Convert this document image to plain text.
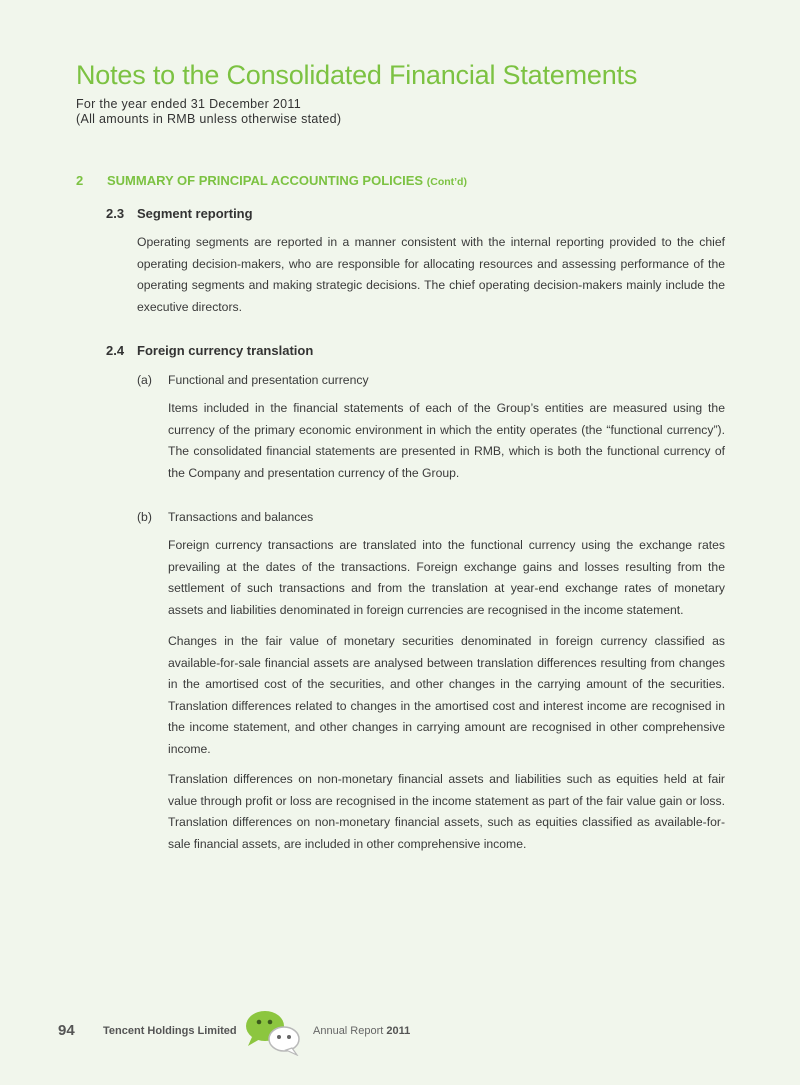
Notes to the Consolidated Financial Statements
For the year ended 31 December 2011
(All amounts in RMB unless otherwise stated)
2 SUMMARY OF PRINCIPAL ACCOUNTING POLICIES (Cont’d)
2.3 Segment reporting

Operating segments are reported in a manner consistent with the internal reporting provided to the chief operating decision-makers, who are responsible for allocating resources and assessing performance of the operating segments and making strategic decisions. The chief operating decision-makers mainly include the executive directors.

2.4 Foreign currency translation
(a) Functional and presentation currency

Items included in the financial statements of each of the Group’s entities are measured using the currency of the primary economic environment in which the entity operates (the “functional currency”). The consolidated financial statements are presented in RMB, which is both the functional currency of the Company and presentation currency of the Group.

(b) Transactions and balances

Foreign currency transactions are translated into the functional currency using the exchange rates prevailing at the dates of the transactions. Foreign exchange gains and losses resulting from the settlement of such transactions and from the translation at year-end exchange rates of monetary assets and liabilities denominated in foreign currencies are recognised in the income statement.

Changes in the fair value of monetary securities denominated in foreign currency classified as available-for-sale financial assets are analysed between translation differences resulting from changes in the amortised cost of the securities, and other changes in the carrying amount of the securities. Translation differences related to changes in the amortised cost and interest income are recognised in the income statement, and other changes in carrying amount are recognised in other comprehensive income.

Translation differences on non-monetary financial assets and liabilities such as equities held at fair value through profit or loss are recognised in the income statement as part of the fair value gain or loss. Translation differences on non-monetary financial assets, such as equities classified as available-for-sale financial assets, are included in other comprehensive income.

94	Tencent Holdings Limited	Annual Report 2011
